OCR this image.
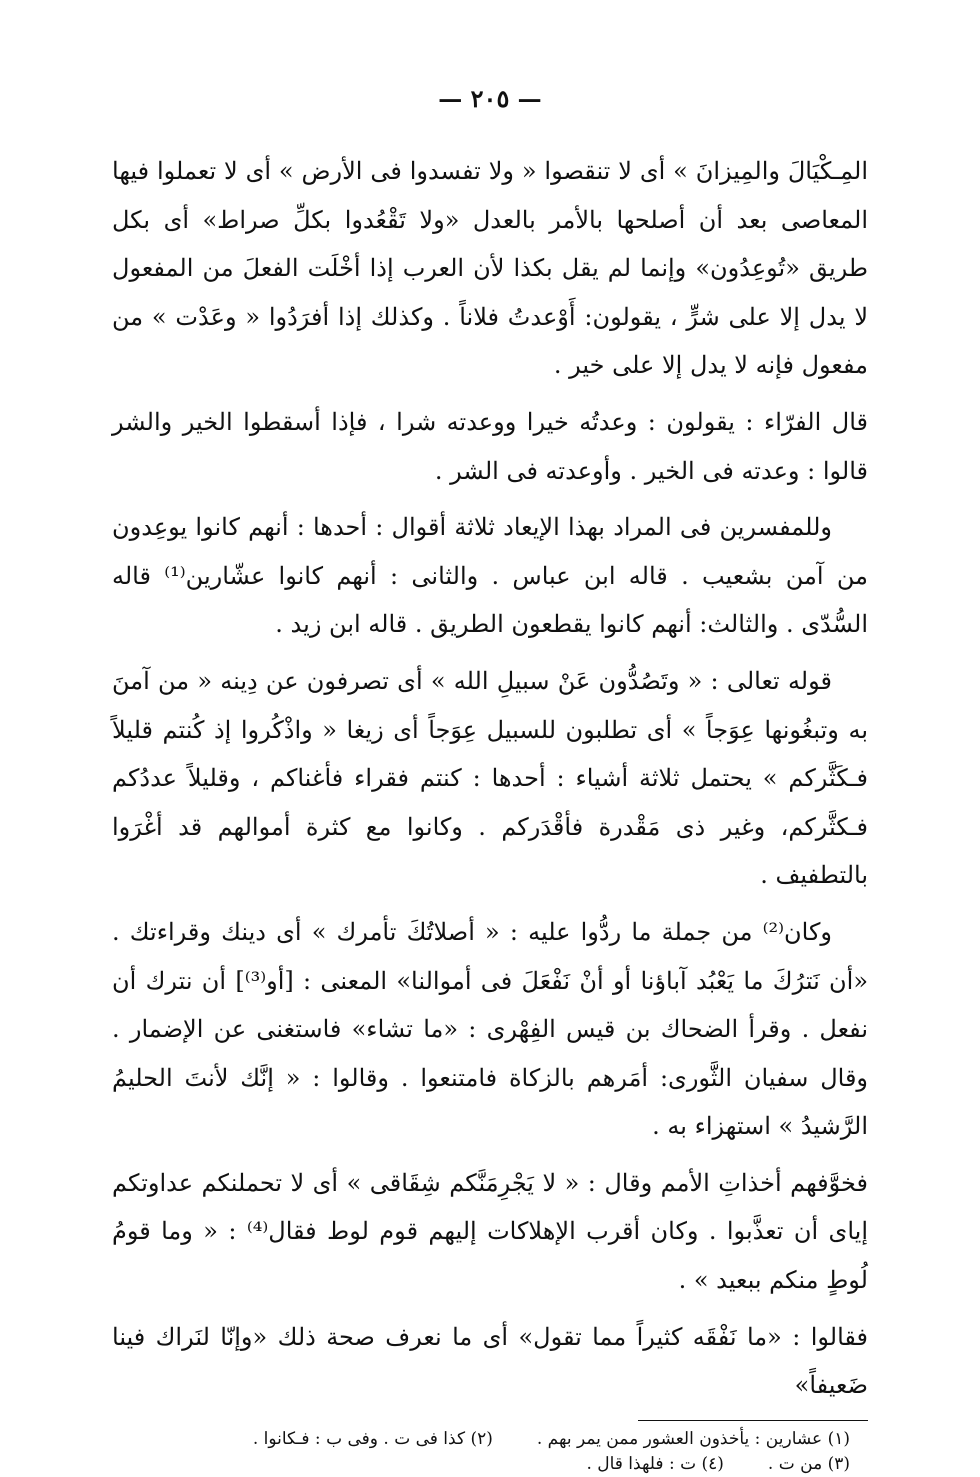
— ٢٠٥ —

المِـكْيَالَ والمِيزانَ » أى لا تنقصوا « ولا تفسدوا فى الأرض » أى لا تعملوا فيها المعاصى بعد أن أصلحها بالأمر بالعدل «ولا تَقْعُدوا بكلِّ صراط» أى بكل طريق «تُوعِدُون» وإنما لم يقل بكذا لأن العرب إذا أخْلَت الفعلَ من المفعول لا يدل إلا على شرٍّ ، يقولون: أَوْعدتُ فلاناً . وكذلك إذا أفرَدُوا « وعَدْت » من مفعول فإنه لا يدل إلا على خير .

قال الفرّاء : يقولون : وعدتُه خيرا ووعدته شرا ، فإذا أسقطوا الخير والشر قالوا : وعدته فى الخير . وأوعدته فى الشر .

وللمفسرين فى المراد بهذا الإيعاد ثلاثة أقوال : أحدها : أنهم كانوا يوعِدون من آمن بشعيب . قاله ابن عباس . والثانى : أنهم كانوا عشّارين⁽¹⁾ قاله السُّدّى . والثالث: أنهم كانوا يقطعون الطريق . قاله ابن زيد .

قوله تعالى : « وتَصُدُّون عَنْ سبيلِ الله » أى تصرفون عن دِينه « من آمنَ به وتبغُونها عِوَجاً » أى تطلبون للسبيل عِوَجاً أى زيغا « واذْكُروا إذ كُنتم قليلاً فـكَثَّركم » يحتمل ثلاثة أشياء : أحدها : كنتم فقراء فأغناكم ، وقليلاً عددُكم فـكثَّركم، وغير ذى مَقْدرة فأقْدَركم . وكانوا مع كثرة أموالهم قد أغْرَوا بالتطفيف .

وكان⁽²⁾ من جملة ما ردُّوا عليه : « أصلاتُكَ تأمرك » أى دينك وقراءتك . «أن نَترُكَ ما يَعْبُد آباؤنا أو أنْ نَفْعَلَ فى أموالنا» المعنى : [أو⁽³⁾] أن نترك أن نفعل . وقرأ الضحاك بن قيس الفِهْرى : «ما تشاء» فاستغنى عن الإضمار . وقال سفيان الثَّورى: أمَرهم بالزكاة فامتنعوا . وقالوا : « إنَّك لأنتَ الحليمُ الرَّشيدُ » استهزاء به .

فخوَّفهم أخذاتِ الأمم وقال : « لا يَجْرِمَنَّكم شِقَاقى » أى لا تحملنكم عداوتكم إياى أن تعذَّبوا . وكان أقرب الإهلاكات إليهم قوم لوط فقال⁽⁴⁾ : « وما قومُ لُوطٍ منكم ببعيد » .

فقالوا : «ما نَفْقَه كثيراً مما تقول» أى ما نعرف صحة ذلك «وإنّا لنَراك فينا ضَعيفاً»

(١) عشارين : يأخذون العشور ممن يمر بهم .
(٢) كذا فى ت . وفى ب : فـكانوا .
(٣) من ت .
(٤) ت : فلهذا قال .
